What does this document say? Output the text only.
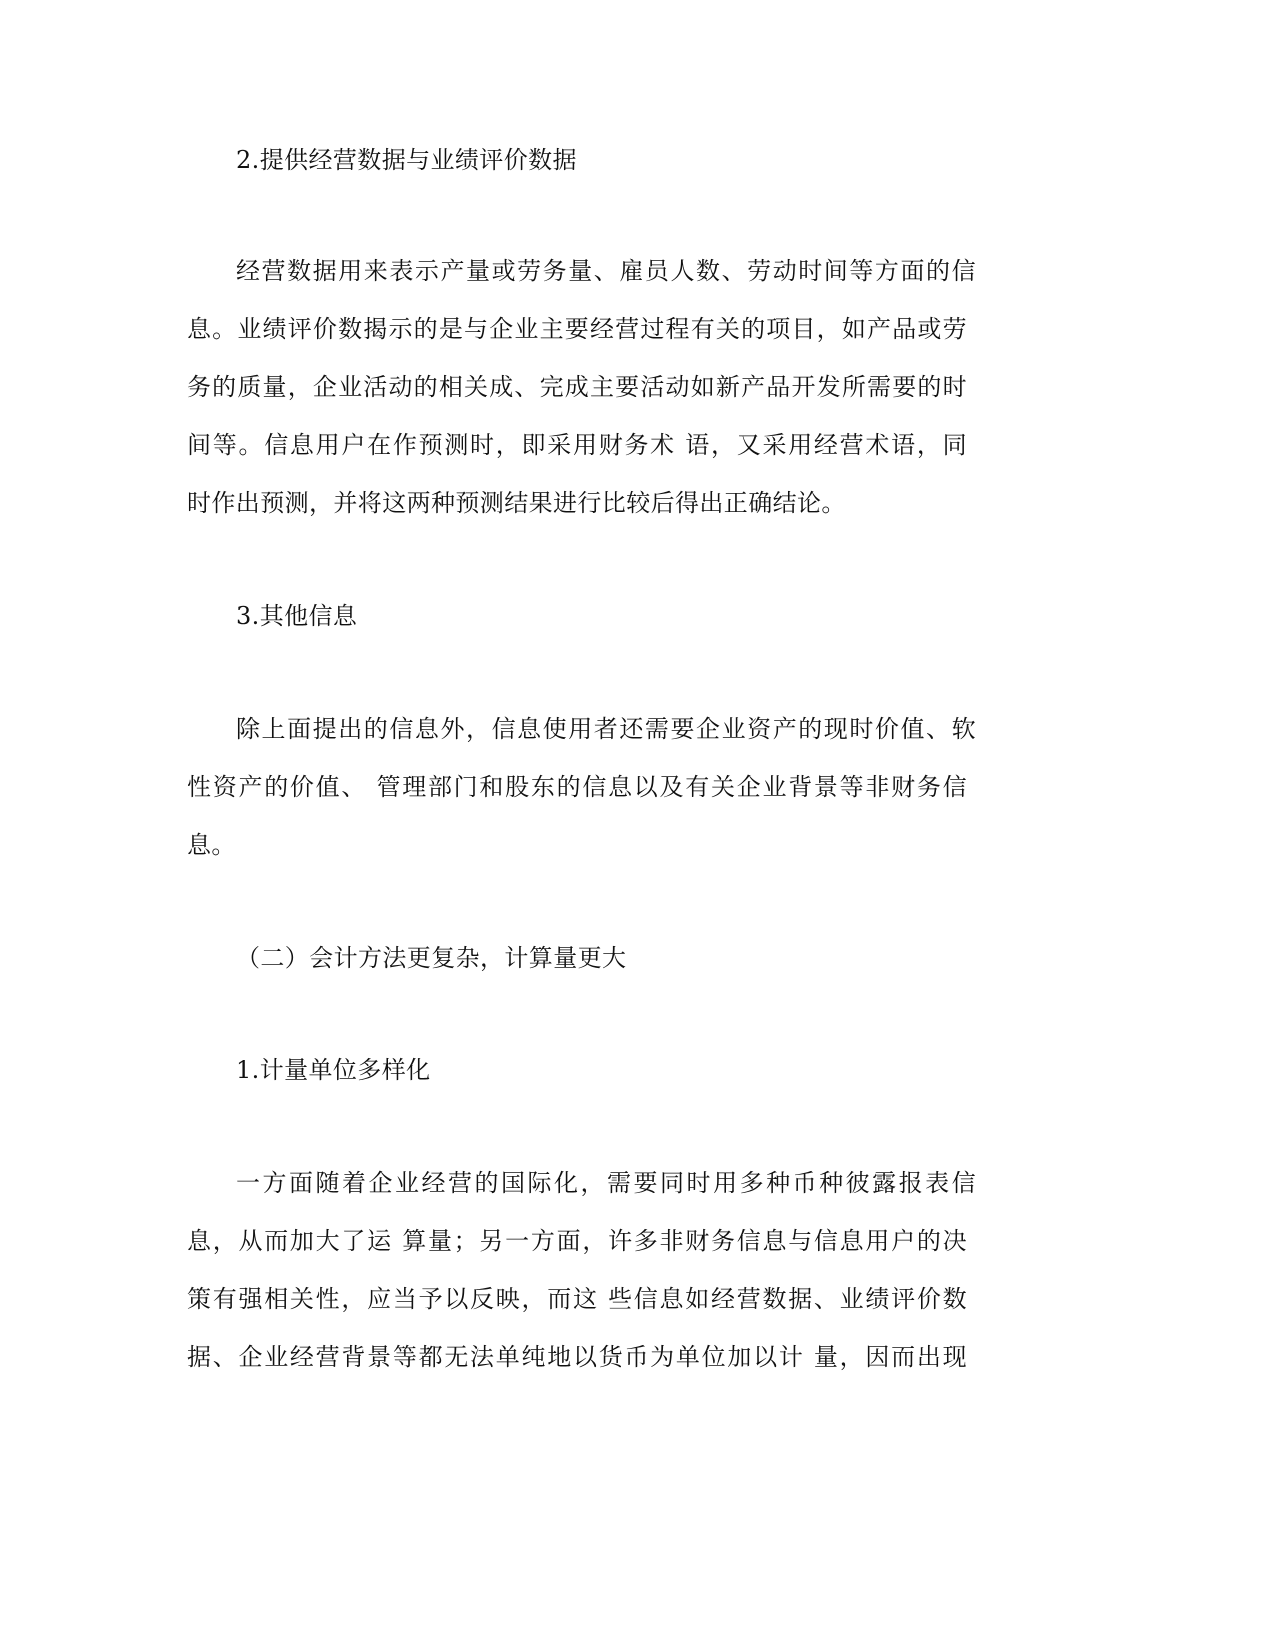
2.提供经营数据与业绩评价数据
经营数据用来表示产量或劳务量、雇员人数、劳动时间等方面的信
息。业绩评价数揭示的是与企业主要经营过程有关的项目，如产品或劳
务的质量，企业活动的相关成、完成主要活动如新产品开发所需要的时
间等。信息用户在作预测时，即采用财务术 语，又采用经营术语，同
时作出预测，并将这两种预测结果进行比较后得出正确结论。
3.其他信息
除上面提出的信息外，信息使用者还需要企业资产的现时价值、软
性资产的价值、 管理部门和股东的信息以及有关企业背景等非财务信
息。
（二）会计方法更复杂，计算量更大
1.计量单位多样化
一方面随着企业经营的国际化，需要同时用多种币种彼露报表信
息，从而加大了运 算量；另一方面，许多非财务信息与信息用户的决
策有强相关性，应当予以反映，而这 些信息如经营数据、业绩评价数
据、企业经营背景等都无法单纯地以货币为单位加以计 量，因而出现
